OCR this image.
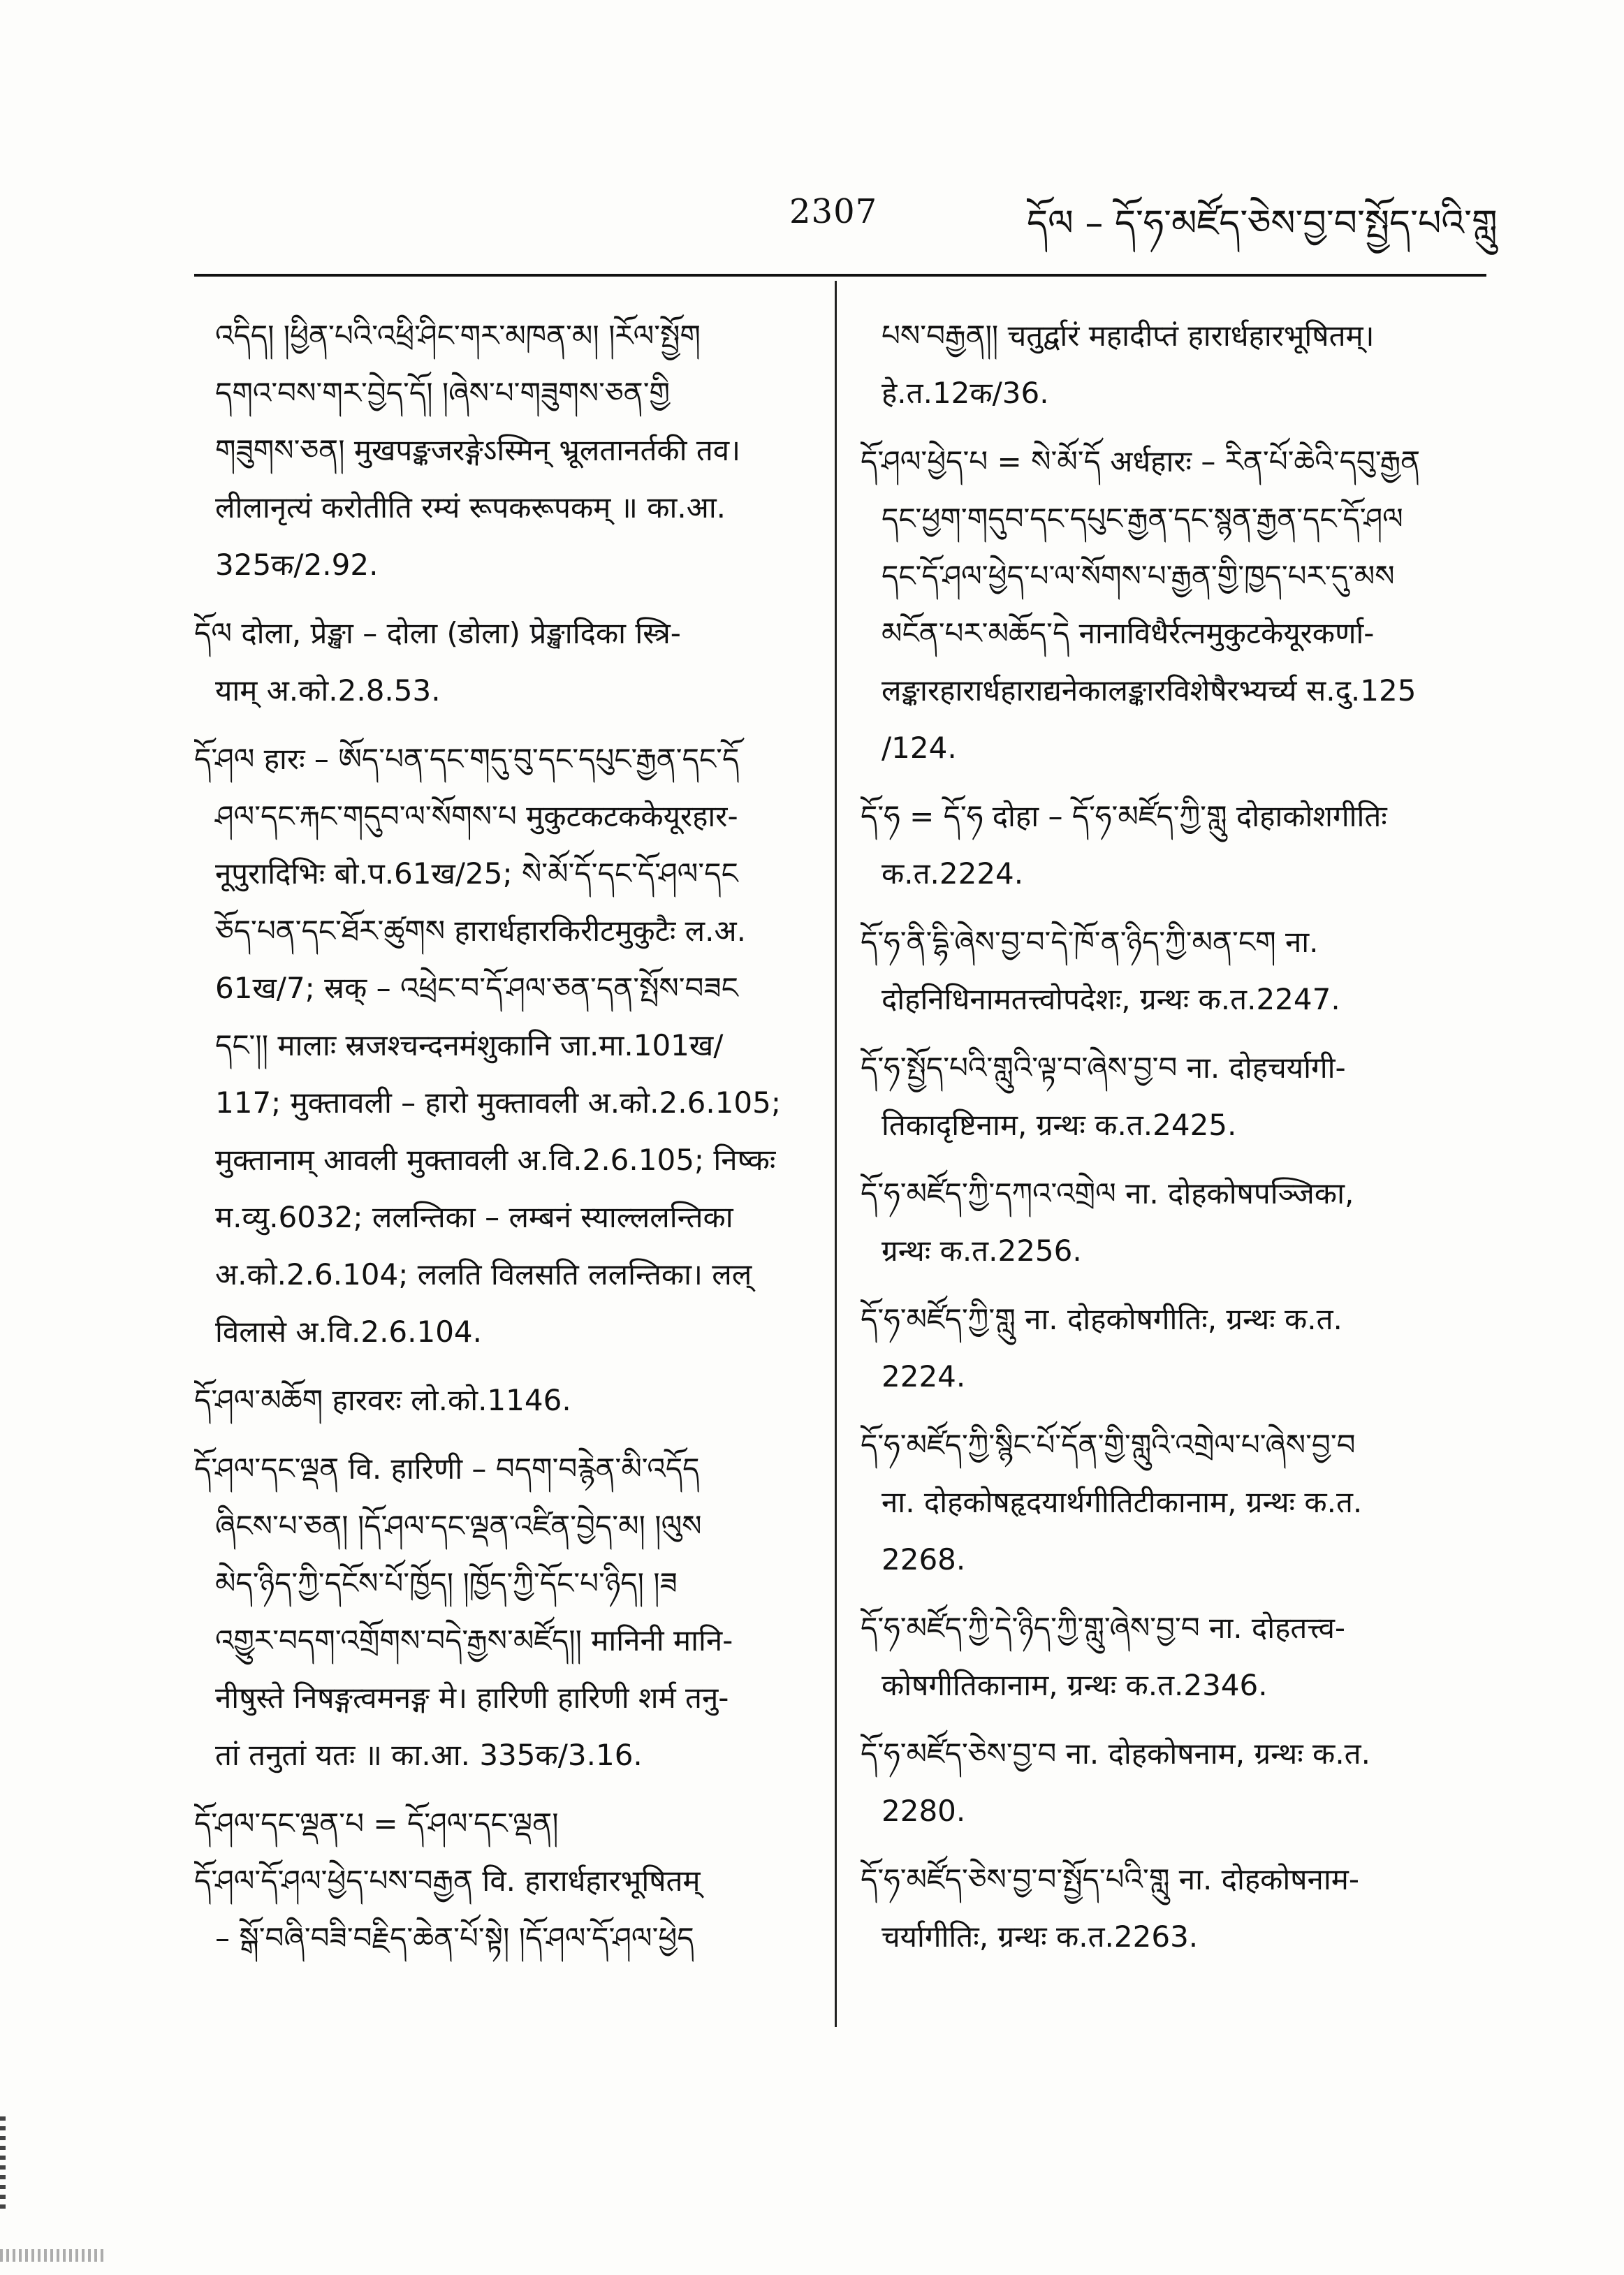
2307	དོལ – དོ་ཧ་མཛོད་ཅེས་བྱ་བ་སྤྱོད་པའི་གླུ

འདིད། །ཕྱིན་པའི་འཕྲི་ཤིང་གར་མཁན་མ། །རོལ་སྤྱོག

དགའ་བས་གར་བྱེད་དོ། །ཞེས་པ་གཟུགས་ཅན་གྱི

གཟུགས་ཅན། मुखपङ्कजरङ्गेऽस्मिन् भ्रूलतानर्तकी तव।

लीलानृत्यं करोतीति रम्यं रूपकरूपकम् ॥ का.आ.

325क/2.92.

དོལ दोला, प्रेङ्खा – दोला (डोला) प्रेङ्खादिका स्त्रि-

याम् अ.को.2.8.53.

དོ་ཤལ हारः – ཨོད་པན་དང་གདུ་བུ་དང་དཔུང་རྒྱན་དང་དོ

ཤལ་དང་རྐང་གདུབ་ལ་སོགས་པ मुकुटकटककेयूरहार-

नूपुरादिभिः बो.प.61ख/25; སེ་མོ་དོ་དང་དོ་ཤལ་དང

ཅོད་པན་དང་ཐོར་ཚུགས हारार्धहारकिरीटमुकुटैः ल.अ.

61ख/7; स्रक् – འཕྲེང་བ་དོ་ཤལ་ཅན་དན་སྤོས་བཟང

དང་།། मालाः स्रजश्चन्दनमंशुकानि जा.मा.101ख/

117; मुक्तावली – हारो मुक्तावली अ.को.2.6.105;

मुक्तानाम् आवली मुक्तावली अ.वि.2.6.105; निष्कः

म.व्यु.6032; ललन्तिका – लम्बनं स्याल्ललन्तिका

अ.को.2.6.104; ललति विलसति ललन्तिका। लल्

विलासे अ.वि.2.6.104.

དོ་ཤལ་མཆོག हारवरः लो.को.1146.

དོ་ཤལ་དང་ལྡན वि. हारिणी – བདག་བརྙེན་མི་འདོད

ཞིངས་པ་ཅན། །དོ་ཤལ་དང་ལྡན་འཛིན་བྱེད་མ། །ལུས

མེད་ཉིད་ཀྱི་དངོས་པོ་ཁྱོད། །ཁྱོད་ཀྱི་དོང་པ་ཉིད། །ཟ

འགྱུར་བདག་འགྲོགས་བདེ་རྒྱས་མཛོད།། मानिनी मानि-

नीषुस्ते निषङ्गत्वमनङ्ग मे। हारिणी हारिणी शर्म तनु-

तां तनुतां यतः ॥ का.आ. 335क/3.16.

དོ་ཤལ་དང་ལྡན་པ = དོ་ཤལ་དང་ལྡན།

དོ་ཤལ་དོ་ཤལ་ཕྱེད་པས་བརྒྱན वि. हारार्धहारभूषितम्

– སྒོ་བཞི་བཟི་བརྗིད་ཆེན་པོ་སྟེ། །དོ་ཤལ་དོ་ཤལ་ཕྱེད

པས་བརྒྱན།། चतुर्द्वारं महादीप्तं हारार्धहारभूषितम्।

हे.त.12क/36.

དོ་ཤལ་ཕྱེད་པ = སེ་མོ་དོ अर्धहारः – རིན་པོ་ཆེའི་དབུ་རྒྱན

དང་ཕྱག་གདུབ་དང་དཔུང་རྒྱན་དང་སྙན་རྒྱན་དང་དོ་ཤལ

དང་དོ་ཤལ་ཕྱེད་པ་ལ་སོགས་པ་རྒྱན་གྱི་ཁྱད་པར་དུ་མས

མངོན་པར་མཆོད་དེ नानाविधैर्रत्नमुकुटकेयूरकर्णा-

लङ्कारहारार्धहाराद्यनेकालङ्कारविशेषैरभ्यर्च्य स.दु.125

/124.

དོ་ཧ = དོ་ཧ दोहा – དོ་ཧ་མཛོད་ཀྱི་གླུ दोहाकोशगीतिः

क.त.2224.

དོ་ཧ་ནི་དྷི་ཞེས་བྱ་བ་དེ་ཁོ་ན་ཉིད་ཀྱི་མན་ངག ना.

दोहनिधिनामतत्त्वोपदेशः, ग्रन्थः क.त.2247.

དོ་ཧ་སྤྱོད་པའི་གླུའི་ལྟ་བ་ཞེས་བྱ་བ ना. दोहचर्यागी-

तिकादृष्टिनाम, ग्रन्थः क.त.2425.

དོ་ཧ་མཛོད་ཀྱི་དཀའ་འགྲེལ ना. दोहकोषपञ्जिका,

ग्रन्थः क.त.2256.

དོ་ཧ་མཛོད་ཀྱི་གླུ ना. दोहकोषगीतिः, ग्रन्थः क.त.

2224.

དོ་ཧ་མཛོད་ཀྱི་སྙིང་པོ་དོན་གྱི་གླུའི་འགྲེལ་པ་ཞེས་བྱ་བ

ना. दोहकोषहृदयार्थगीतिटीकानाम, ग्रन्थः क.त.

2268.

དོ་ཧ་མཛོད་ཀྱི་དེ་ཉིད་ཀྱི་གླུ་ཞེས་བྱ་བ ना. दोहतत्त्व-

कोषगीतिकानाम, ग्रन्थः क.त.2346.

དོ་ཧ་མཛོད་ཅེས་བྱ་བ ना. दोहकोषनाम, ग्रन्थः क.त.

2280.

དོ་ཧ་མཛོད་ཅེས་བྱ་བ་སྤྱོད་པའི་གླུ ना. दोहकोषनाम-

चर्यागीतिः, ग्रन्थः क.त.2263.
